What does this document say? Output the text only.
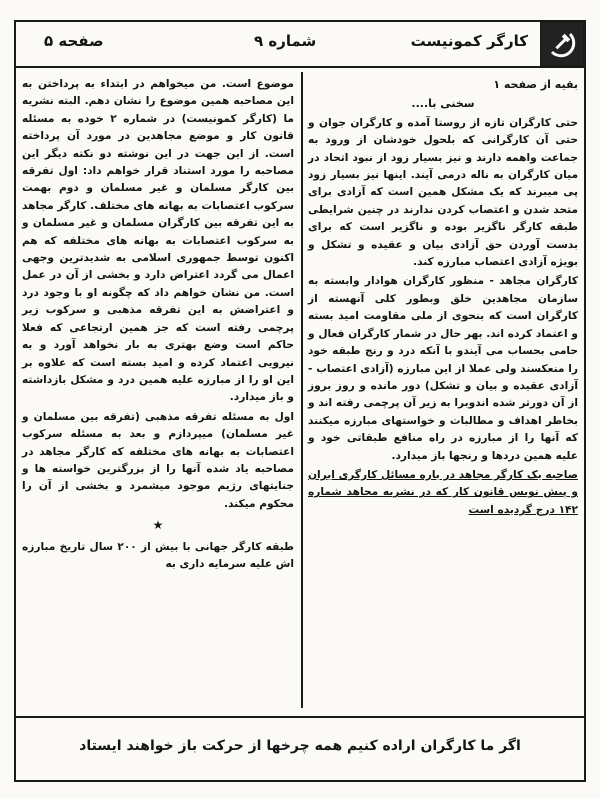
کارگر کمونیست
شماره ۹
صفحه ۵

بقیه از صفحه ۱

سخنی با....

حتی کارگران تازه از روستا آمده و کارگران جوان و حتی آن کارگرانی که بلحول خودشان از ورود به جماعت واهمه دارند و نیز بسیار زود از نبود اتحاد در میان کارگران به ناله درمی آیند. اینها نیز بسیار زود پی میبرند که یک مشکل همین است که آزادی برای متحد شدن و اعتصاب کردن ندارند در چنین شرایطی طبقه کارگر ناگزیر بوده و ناگزیر است که برای بدست آوردن حق آزادی بیان و عقیده و تشکل و بویژه آزادی اعتصاب مبارزه کند.

کارگران مجاهد - منظور کارگران هوادار وابسته به سازمان مجاهدین خلق وبطور کلی آنهسته از کارگران است که بنحوی از ملی مقاومت امید بسته و اعتماد کرده اند. بهر حال در شمار کارگران فعال و حامی بحساب می آیندو با آنکه درد و رنج طبقه خود را منعکسند ولی عملا از این مبارزه (آزادی اعتصاب - آزادی عقیده و بیان و تشکل) دور مانده و روز بروز از آن دورتر شده اندوبرا به زیر آن پرچمی رفته اند و بخاطر اهداف و مطالبات و خواستهای مبارزه میکنند که آنها را از مبارزه در راه منافع طبقاتی خود و علیه همین دردها و رنجها باز میدارد.

صاحبه یک کارگر مجاهد در باره مسائل کارگری ایران و پیش نویس قانون کار که در نشریه مجاهد شماره ۱۴۲ درج گردیده است

موضوع است. من میخواهم در ابتداء به پرداختن به این مصاحبه همین موضوع را نشان دهم. البته نشریه ما (کارگر کمونیست) در شماره ۲ خوده به مسئله قانون کار و موضع مجاهدین در مورد آن پرداخته است. از این جهت در این نوشته دو نکته دیگر این مصاحبه را مورد استناد قرار خواهم داد: اول تفرقه بین کارگر مسلمان و غیر مسلمان و دوم بهمت سرکوب اعتصابات به بهانه های مختلف. کارگر مجاهد به این تفرقه بین کارگران مسلمان و غیر مسلمان و به سرکوب اعتصابات به بهانه های مختلفه که هم اکنون توسط جمهوری اسلامی به شدیدترین وجهی اعمال می گردد اعتراض دارد و بخشی از آن در عمل است. من نشان خواهم داد که چگونه او با وجود درد و اعتراضش به این تفرقه مذهبی و سرکوب زیر پرچمی رفته است که جز همین ارتجاعی که فعلا حاکم است وضع بهتری به بار نخواهد آورد و به نیرویی اعتماد کرده و امید بسته است که علاوه بر این او را از مبارزه علیه همین درد و مشکل بازداشته و باز میدارد.

اول به مسئله تفرقه مذهبی (تفرقه بین مسلمان و غیر مسلمان) میپردازم و بعد به مسئله سرکوب اعتصابات به بهانه های مختلفه که کارگر مجاهد در مصاحبه یاد شده آنها را از بزرگترین خواسته ها و جنایتهای رژیم موجود میشمرد و بخشی از آن را محکوم میکند.

★

طبقه کارگر جهانی با بیش از ۲۰۰ سال تاریخ مبارزه اش علیه سرمایه داری به

اگر ما کارگران اراده کنیم همه چرخها از حرکت باز خواهند ایستاد
